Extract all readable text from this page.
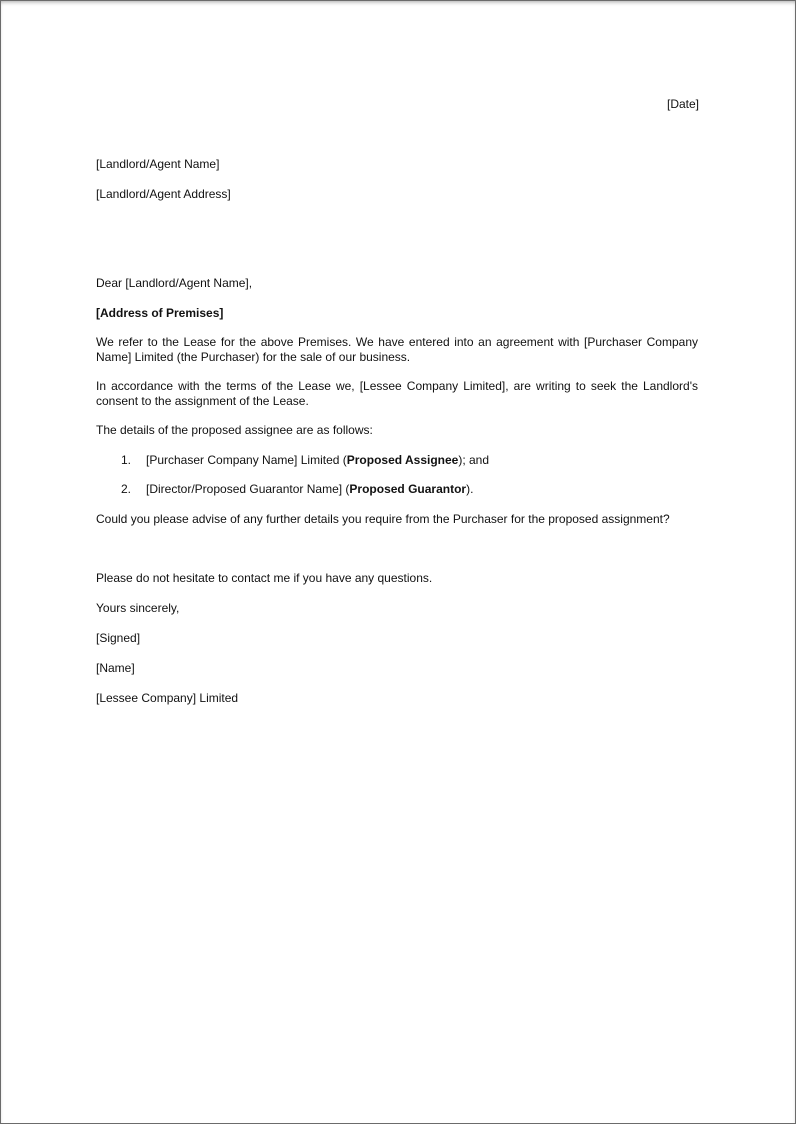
[Date]
[Landlord/Agent Name]
[Landlord/Agent Address]
Dear [Landlord/Agent Name],
[Address of Premises]
We refer to the Lease for the above Premises. We have entered into an agreement with [Purchaser Company Name] Limited (the Purchaser) for the sale of our business.
In accordance with the terms of the Lease we, [Lessee Company Limited], are writing to seek the Landlord's consent to the assignment of the Lease.
The details of the proposed assignee are as follows:
1. [Purchaser Company Name] Limited (Proposed Assignee); and
2. [Director/Proposed Guarantor Name] (Proposed Guarantor).
Could you please advise of any further details you require from the Purchaser for the proposed assignment?
Please do not hesitate to contact me if you have any questions.
Yours sincerely,
[Signed]
[Name]
[Lessee Company] Limited
